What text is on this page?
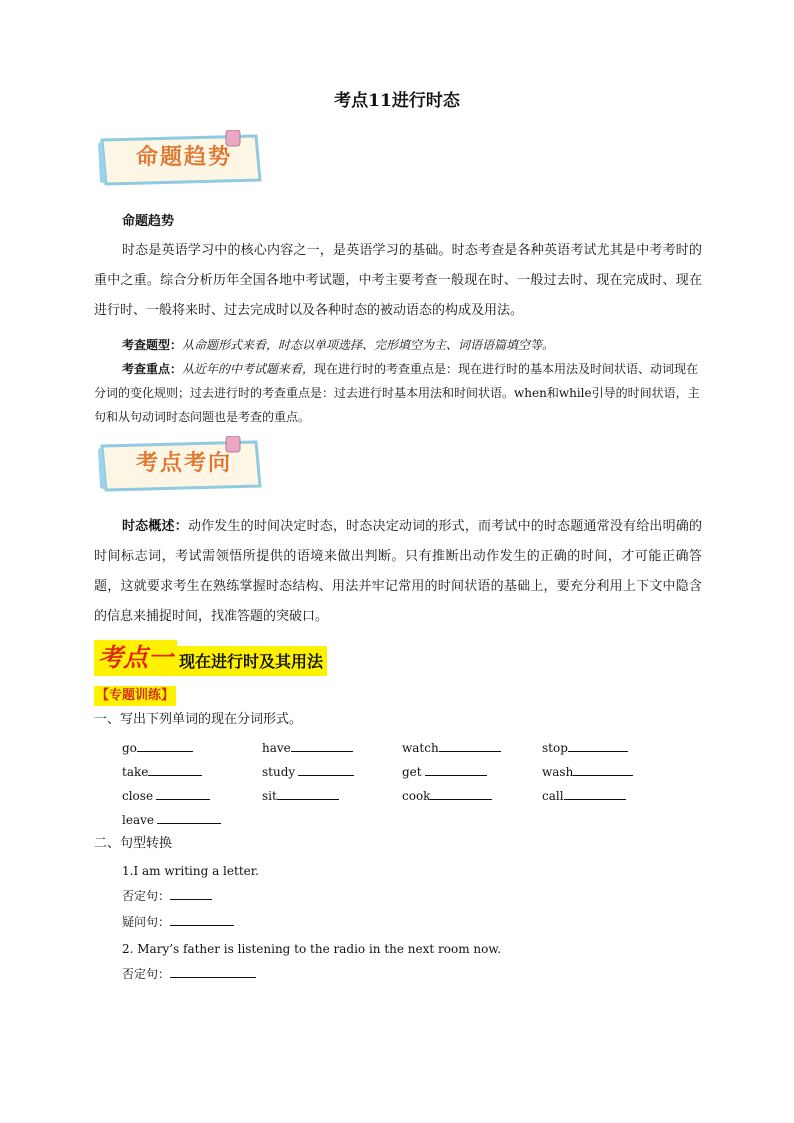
考点11进行时态
命题趋势
命题趋势

时态是英语学习中的核心内容之一，是英语学习的基础。时态考查是各种英语考试尤其是中考考时的重中之重。综合分析历年全国各地中考试题，中考主要考查一般现在时、一般过去时、现在完成时、现在进行时、一般将来时、过去完成时以及各种时态的被动语态的构成及用法。

考查题型：从命题形式来看，时态以单项选择、完形填空为主、词语语篇填空等。

考查重点：从近年的中考试题来看，现在进行时的考查重点是：现在进行时的基本用法及时间状语、动词现在分词的变化规则；过去进行时的考查重点是：过去进行时基本用法和时间状语。when和while引导的时间状语，主句和从句动词时态问题也是考查的重点。

考点考向

时态概述：动作发生的时间决定时态，时态决定动词的形式，而考试中的时态题通常没有给出明确的时间标志词，考试需领悟所提供的语境来做出判断。只有推断出动作发生的正确的时间，才可能正确答题，这就要求考生在熟练掌握时态结构、用法并牢记常用的时间状语的基础上，要充分利用上下文中隐含的信息来捕捉时间，找准答题的突破口。

考点一 现在进行时及其用法
【专题训练】
一、写出下列单词的现在分词形式。
go	have	watch	stop
take	study	get	wash
close	sit	cook	call
leave
二、句型转换
1.I am writing a letter.
否定句：
疑问句：
2. Mary’s father is listening to the radio in the next room now.
否定句：
